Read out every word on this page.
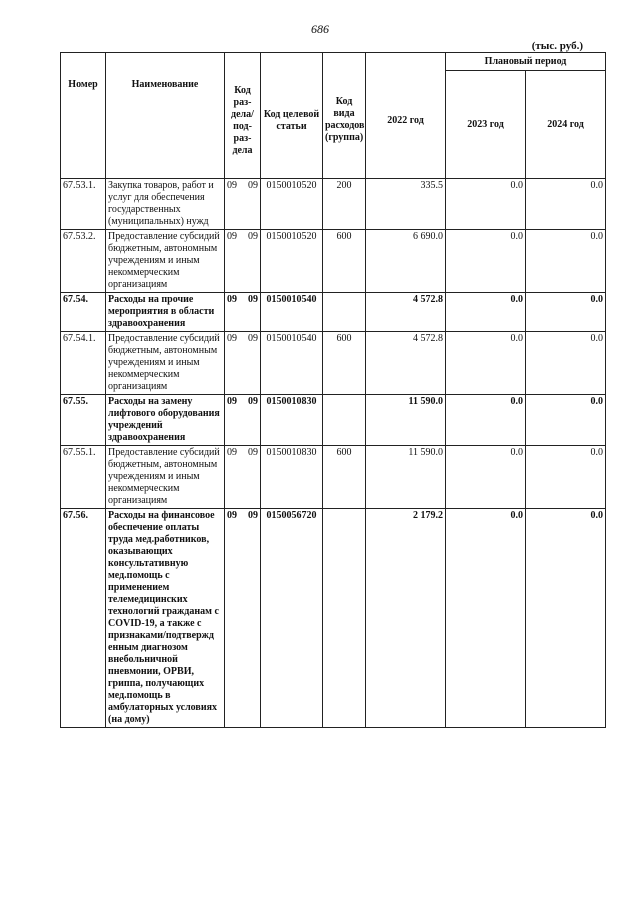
686
(тыс. руб.)
Номер	Наименование	Код раз-дела/ под-раз-дела	Код целевой статьи	Код вида расходов (группа)	2022 год	Плановый период	
						2023 год	2024 год
67.53.1.	Закупка товаров, работ и услуг для обеспечения государственных (муниципальных) нужд	09 09	0150010520	200	335.5	0.0	0.0
67.53.2.	Предоставление субсидий бюджетным, автономным учреждениям и иным некоммерческим организациям	09 09	0150010520	600	6 690.0	0.0	0.0
67.54.	Расходы на прочие мероприятия в области здравоохранения	09 09	0150010540		4 572.8	0.0	0.0
67.54.1.	Предоставление субсидий бюджетным, автономным учреждениям и иным некоммерческим организациям	09 09	0150010540	600	4 572.8	0.0	0.0
67.55.	Расходы на замену лифтового оборудования учреждений здравоохранения	09 09	0150010830		11 590.0	0.0	0.0
67.55.1.	Предоставление субсидий бюджетным, автономным учреждениям и иным некоммерческим организациям	09 09	0150010830	600	11 590.0	0.0	0.0
67.56.	Расходы на финансовое обеспечение оплаты труда мед.работников, оказывающих консультативную мед.помощь с применением телемедицинских технологий гражданам с COVID-19, а также с признаками/подтвержд енным диагнозом внебольничной пневмонии, ОРВИ, гриппа, получающих мед.помощь в амбулаторных условиях (на дому)	09 09	0150056720		2 179.2	0.0	0.0
